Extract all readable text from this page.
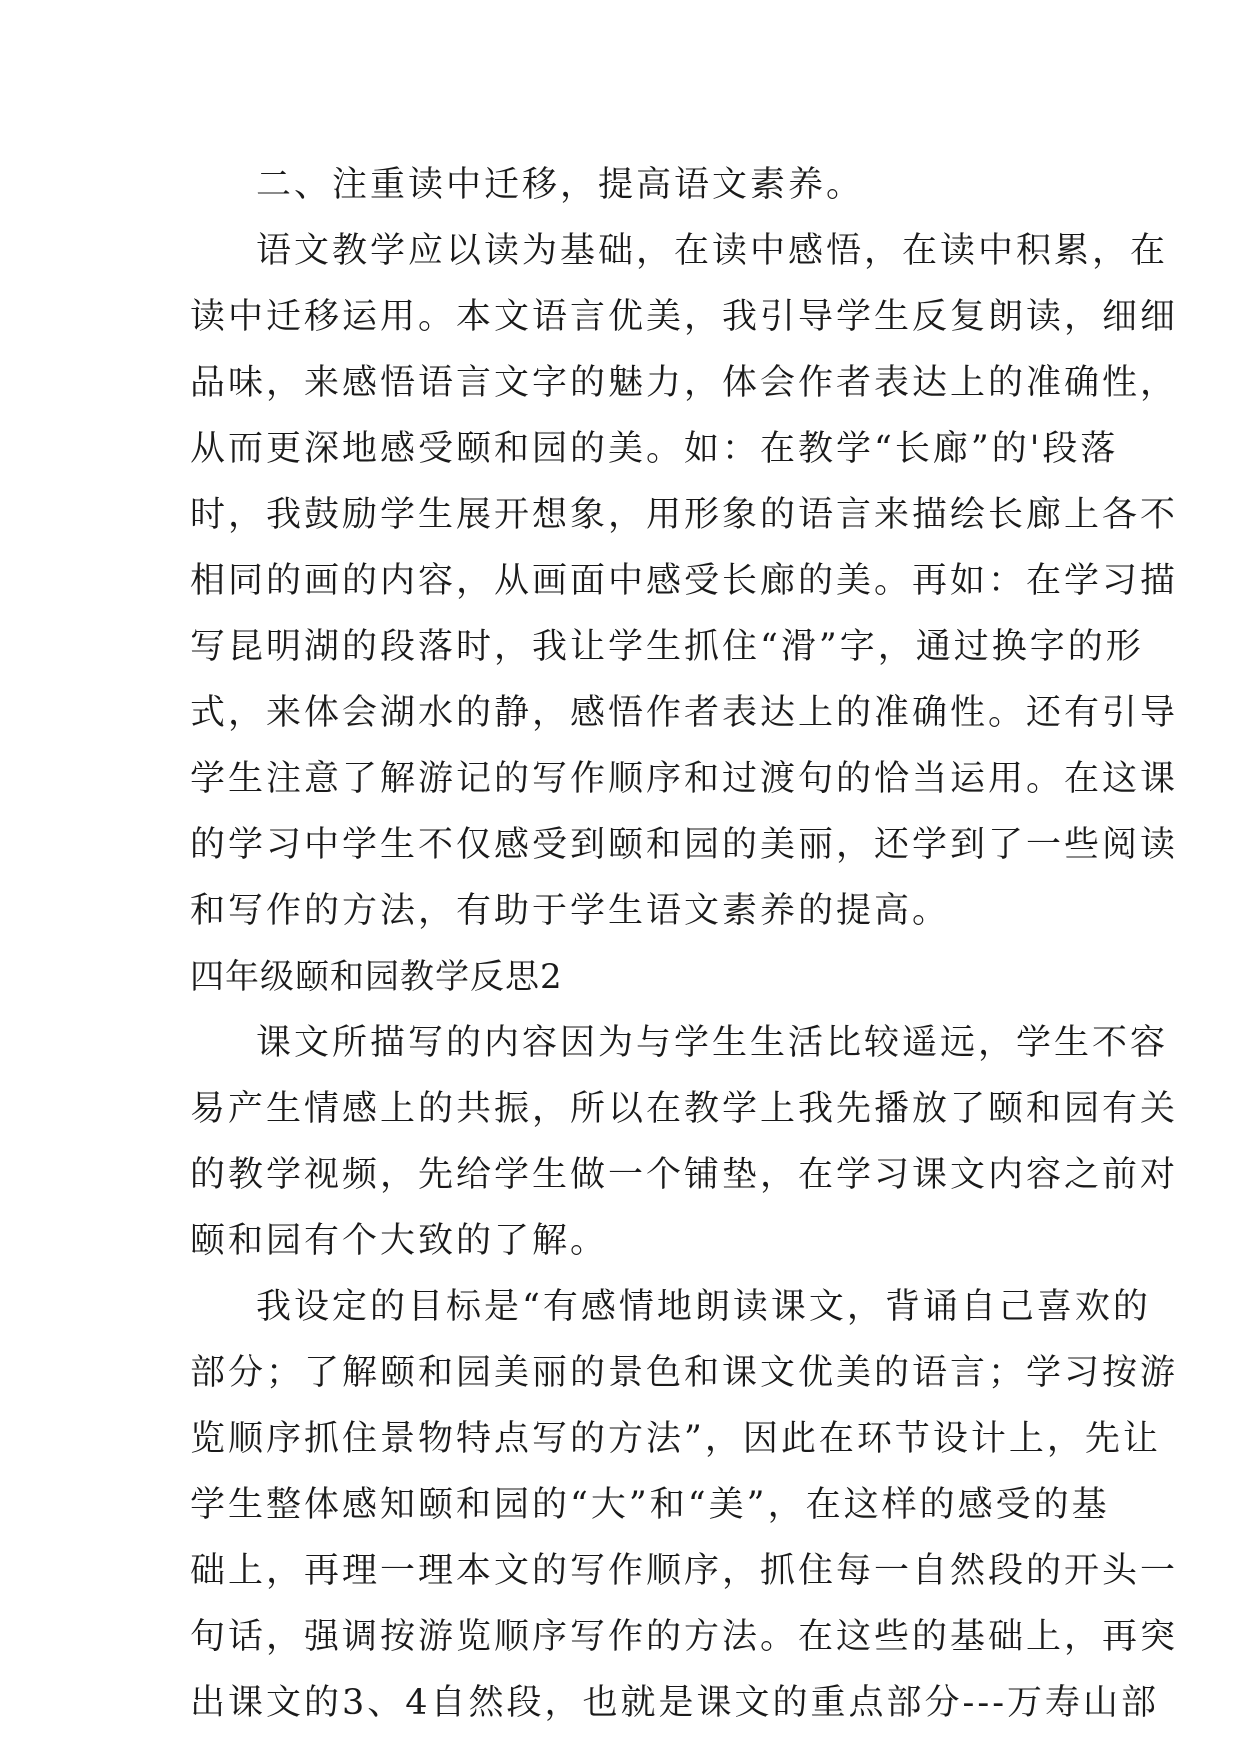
二、注重读中迁移，提高语文素养。
语文教学应以读为基础，在读中感悟，在读中积累，在
读中迁移运用。本文语言优美，我引导学生反复朗读，细细
品味，来感悟语言文字的魅力，体会作者表达上的准确性，
从而更深地感受颐和园的美。如：在教学“长廊”的'段落
时，我鼓励学生展开想象，用形象的语言来描绘长廊上各不
相同的画的内容，从画面中感受长廊的美。再如：在学习描
写昆明湖的段落时，我让学生抓住“滑”字，通过换字的形
式，来体会湖水的静，感悟作者表达上的准确性。还有引导
学生注意了解游记的写作顺序和过渡句的恰当运用。在这课
的学习中学生不仅感受到颐和园的美丽，还学到了一些阅读
和写作的方法，有助于学生语文素养的提高。
四年级颐和园教学反思2
课文所描写的内容因为与学生生活比较遥远，学生不容
易产生情感上的共振，所以在教学上我先播放了颐和园有关
的教学视频，先给学生做一个铺垫，在学习课文内容之前对
颐和园有个大致的了解。
我设定的目标是“有感情地朗读课文，背诵自己喜欢的
部分；了解颐和园美丽的景色和课文优美的语言；学习按游
览顺序抓住景物特点写的方法”，因此在环节设计上，先让
学生整体感知颐和园的“大”和“美”，在这样的感受的基
础上，再理一理本文的写作顺序，抓住每一自然段的开头一
句话，强调按游览顺序写作的方法。在这些的基础上，再突
出课文的3、4自然段，也就是课文的重点部分---万寿山部
